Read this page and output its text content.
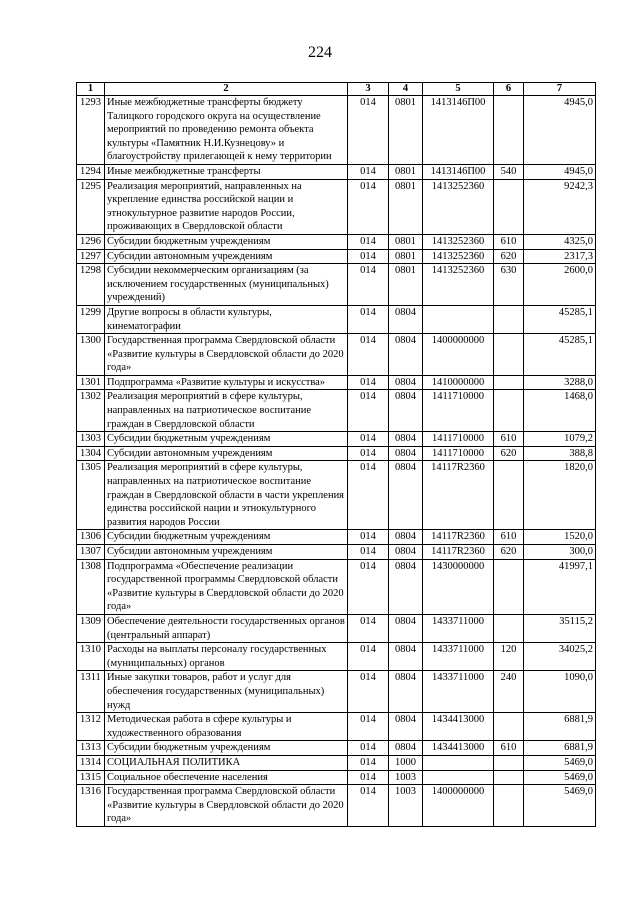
224
1	2	3	4	5	6	7
1293	Иные межбюджетные трансферты бюджету Талицкого городского округа на осуществление мероприятий по проведению ремонта объекта культуры «Памятник Н.И.Кузнецову» и благоустройству прилегающей к нему территории	014	0801	1413146П00		4945,0
1294	Иные межбюджетные трансферты	014	0801	1413146П00	540	4945,0
1295	Реализация мероприятий, направленных на укрепление единства российской нации и этнокультурное развитие народов России, проживающих в Свердловской области	014	0801	1413252360		9242,3
1296	Субсидии бюджетным учреждениям	014	0801	1413252360	610	4325,0
1297	Субсидии автономным учреждениям	014	0801	1413252360	620	2317,3
1298	Субсидии некоммерческим организациям (за исключением государственных (муниципальных) учреждений)	014	0801	1413252360	630	2600,0
1299	Другие вопросы в области культуры, кинематографии	014	0804			45285,1
1300	Государственная программа Свердловской области «Развитие культуры в Свердловской области до 2020 года»	014	0804	1400000000		45285,1
1301	Подпрограмма «Развитие культуры и искусства»	014	0804	1410000000		3288,0
1302	Реализация мероприятий в сфере культуры, направленных на патриотическое воспитание граждан в Свердловской области	014	0804	1411710000		1468,0
1303	Субсидии бюджетным учреждениям	014	0804	1411710000	610	1079,2
1304	Субсидии автономным учреждениям	014	0804	1411710000	620	388,8
1305	Реализация мероприятий в сфере культуры, направленных на патриотическое воспитание граждан в Свердловской области в части укрепления единства российской нации и этнокультурного развития народов России	014	0804	14117R2360		1820,0
1306	Субсидии бюджетным учреждениям	014	0804	14117R2360	610	1520,0
1307	Субсидии автономным учреждениям	014	0804	14117R2360	620	300,0
1308	Подпрограмма «Обеспечение реализации государственной программы Свердловской области «Развитие культуры в Свердловской области до 2020 года»	014	0804	1430000000		41997,1
1309	Обеспечение деятельности государственных органов (центральный аппарат)	014	0804	1433711000		35115,2
1310	Расходы на выплаты персоналу государственных (муниципальных) органов	014	0804	1433711000	120	34025,2
1311	Иные закупки товаров, работ и услуг для обеспечения государственных (муниципальных) нужд	014	0804	1433711000	240	1090,0
1312	Методическая работа в сфере культуры и художественного образования	014	0804	1434413000		6881,9
1313	Субсидии бюджетным учреждениям	014	0804	1434413000	610	6881,9
1314	СОЦИАЛЬНАЯ ПОЛИТИКА	014	1000			5469,0
1315	Социальное обеспечение населения	014	1003			5469,0
1316	Государственная программа Свердловской области «Развитие культуры в Свердловской области до 2020 года»	014	1003	1400000000		5469,0
